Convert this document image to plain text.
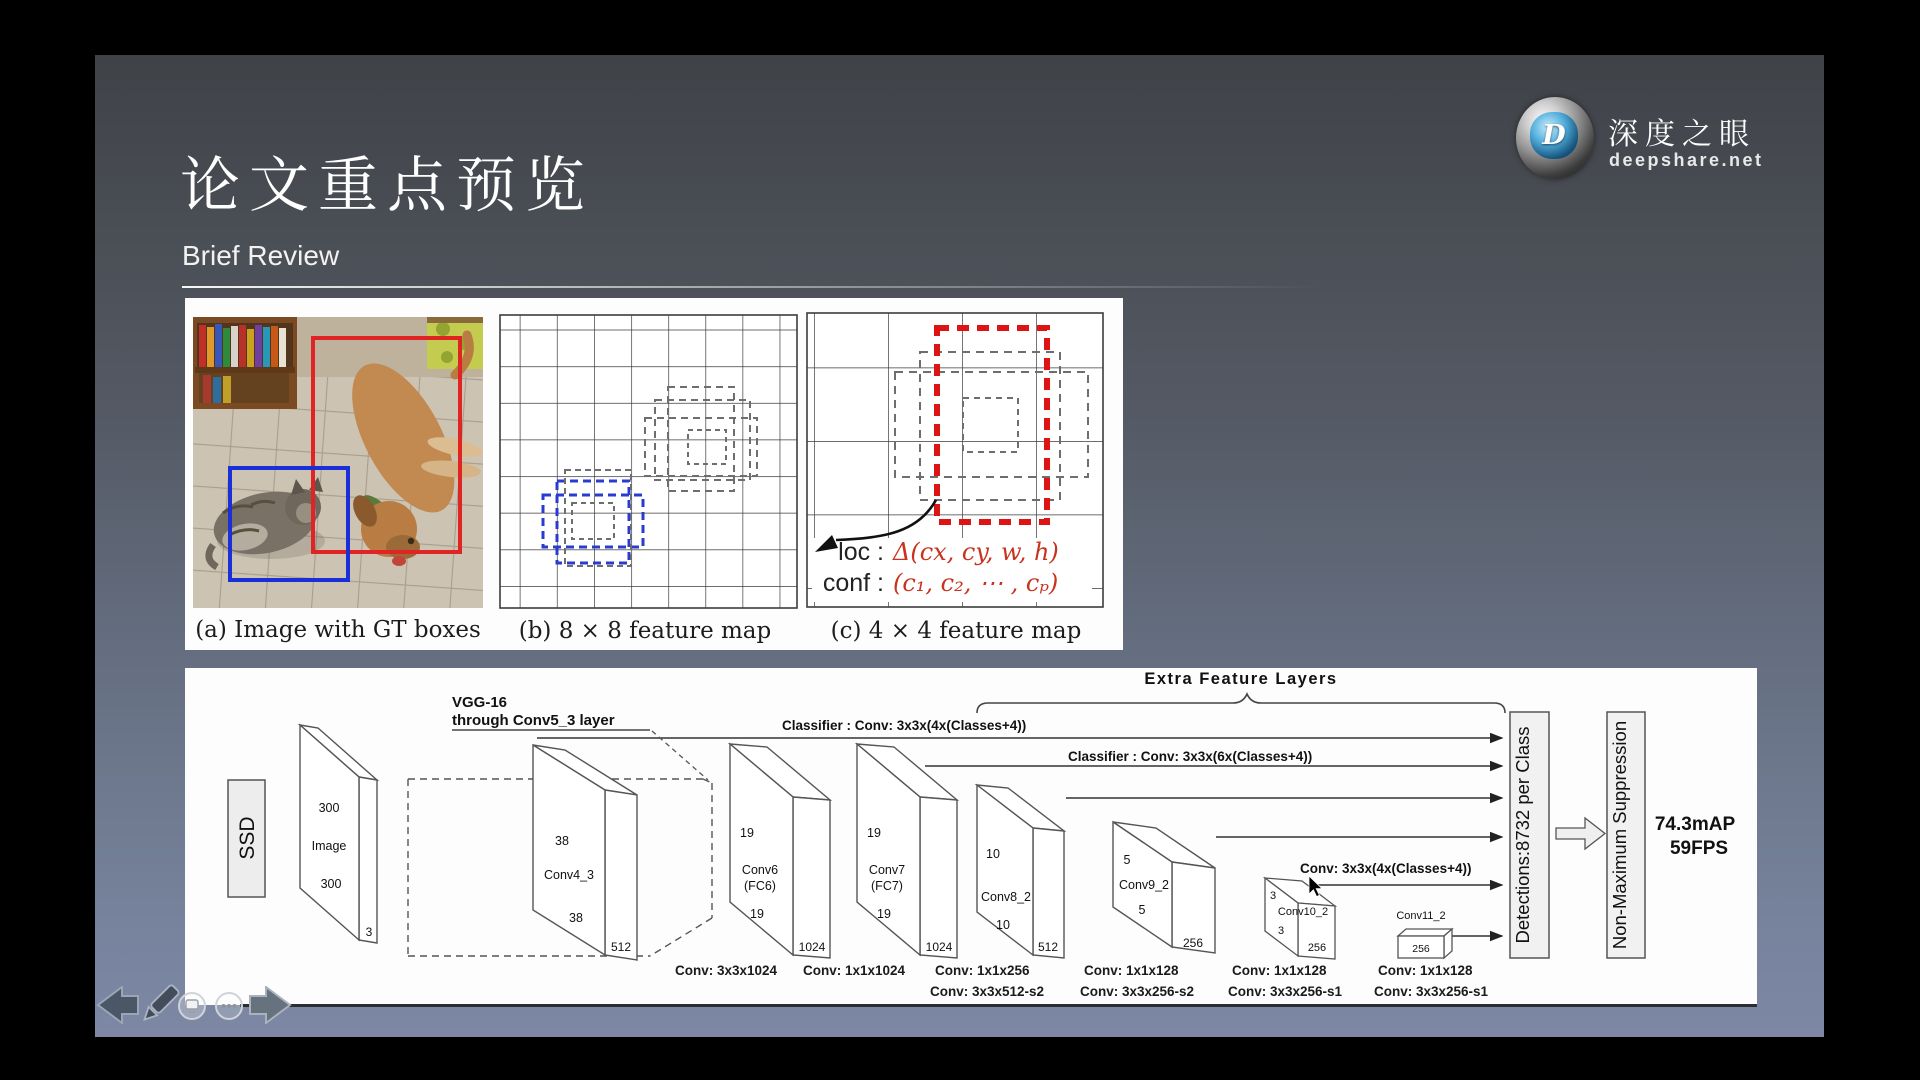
论文重点预览
Brief Review
D	深度之眼
deepshare.net
loc : Δ(cx, cy, w, h)
conf : (c₁, c₂, ⋯ , cₚ)
(a) Image with GT boxes (b) 8 × 8 feature map	(c) 4 × 4 feature map
Extra Feature Layers
Classifier : Conv: 3x3x(4x(Classes+4))
Classifier : Conv: 3x3x(6x(Classes+4))
Conv: 3x3x(4x(Classes+4))
SSD
VGG-16
through Conv5_3 layer
300
Image
300
3
38
Conv4_3
38
512
19
Conv6
(FC6)
19
1024
19
Conv7
(FC7)
19
1024
10
Conv8_2
10
512
5
Conv9_2
5
256
3
Conv10_2
3
256
Conv11_2
256
Detections:8732 per Class	Non-Maximum Suppression 74.3mAP
59FPS
Conv: 3x3x1024 Conv: 1x1x1024 Conv: 1x1x256
Conv: 3x3x512-s2
Conv: 1x1x128
Conv: 3x3x256-s2
Conv: 1x1x128
Conv: 3x3x256-s1
Conv: 1x1x128
Conv: 3x3x256-s1
